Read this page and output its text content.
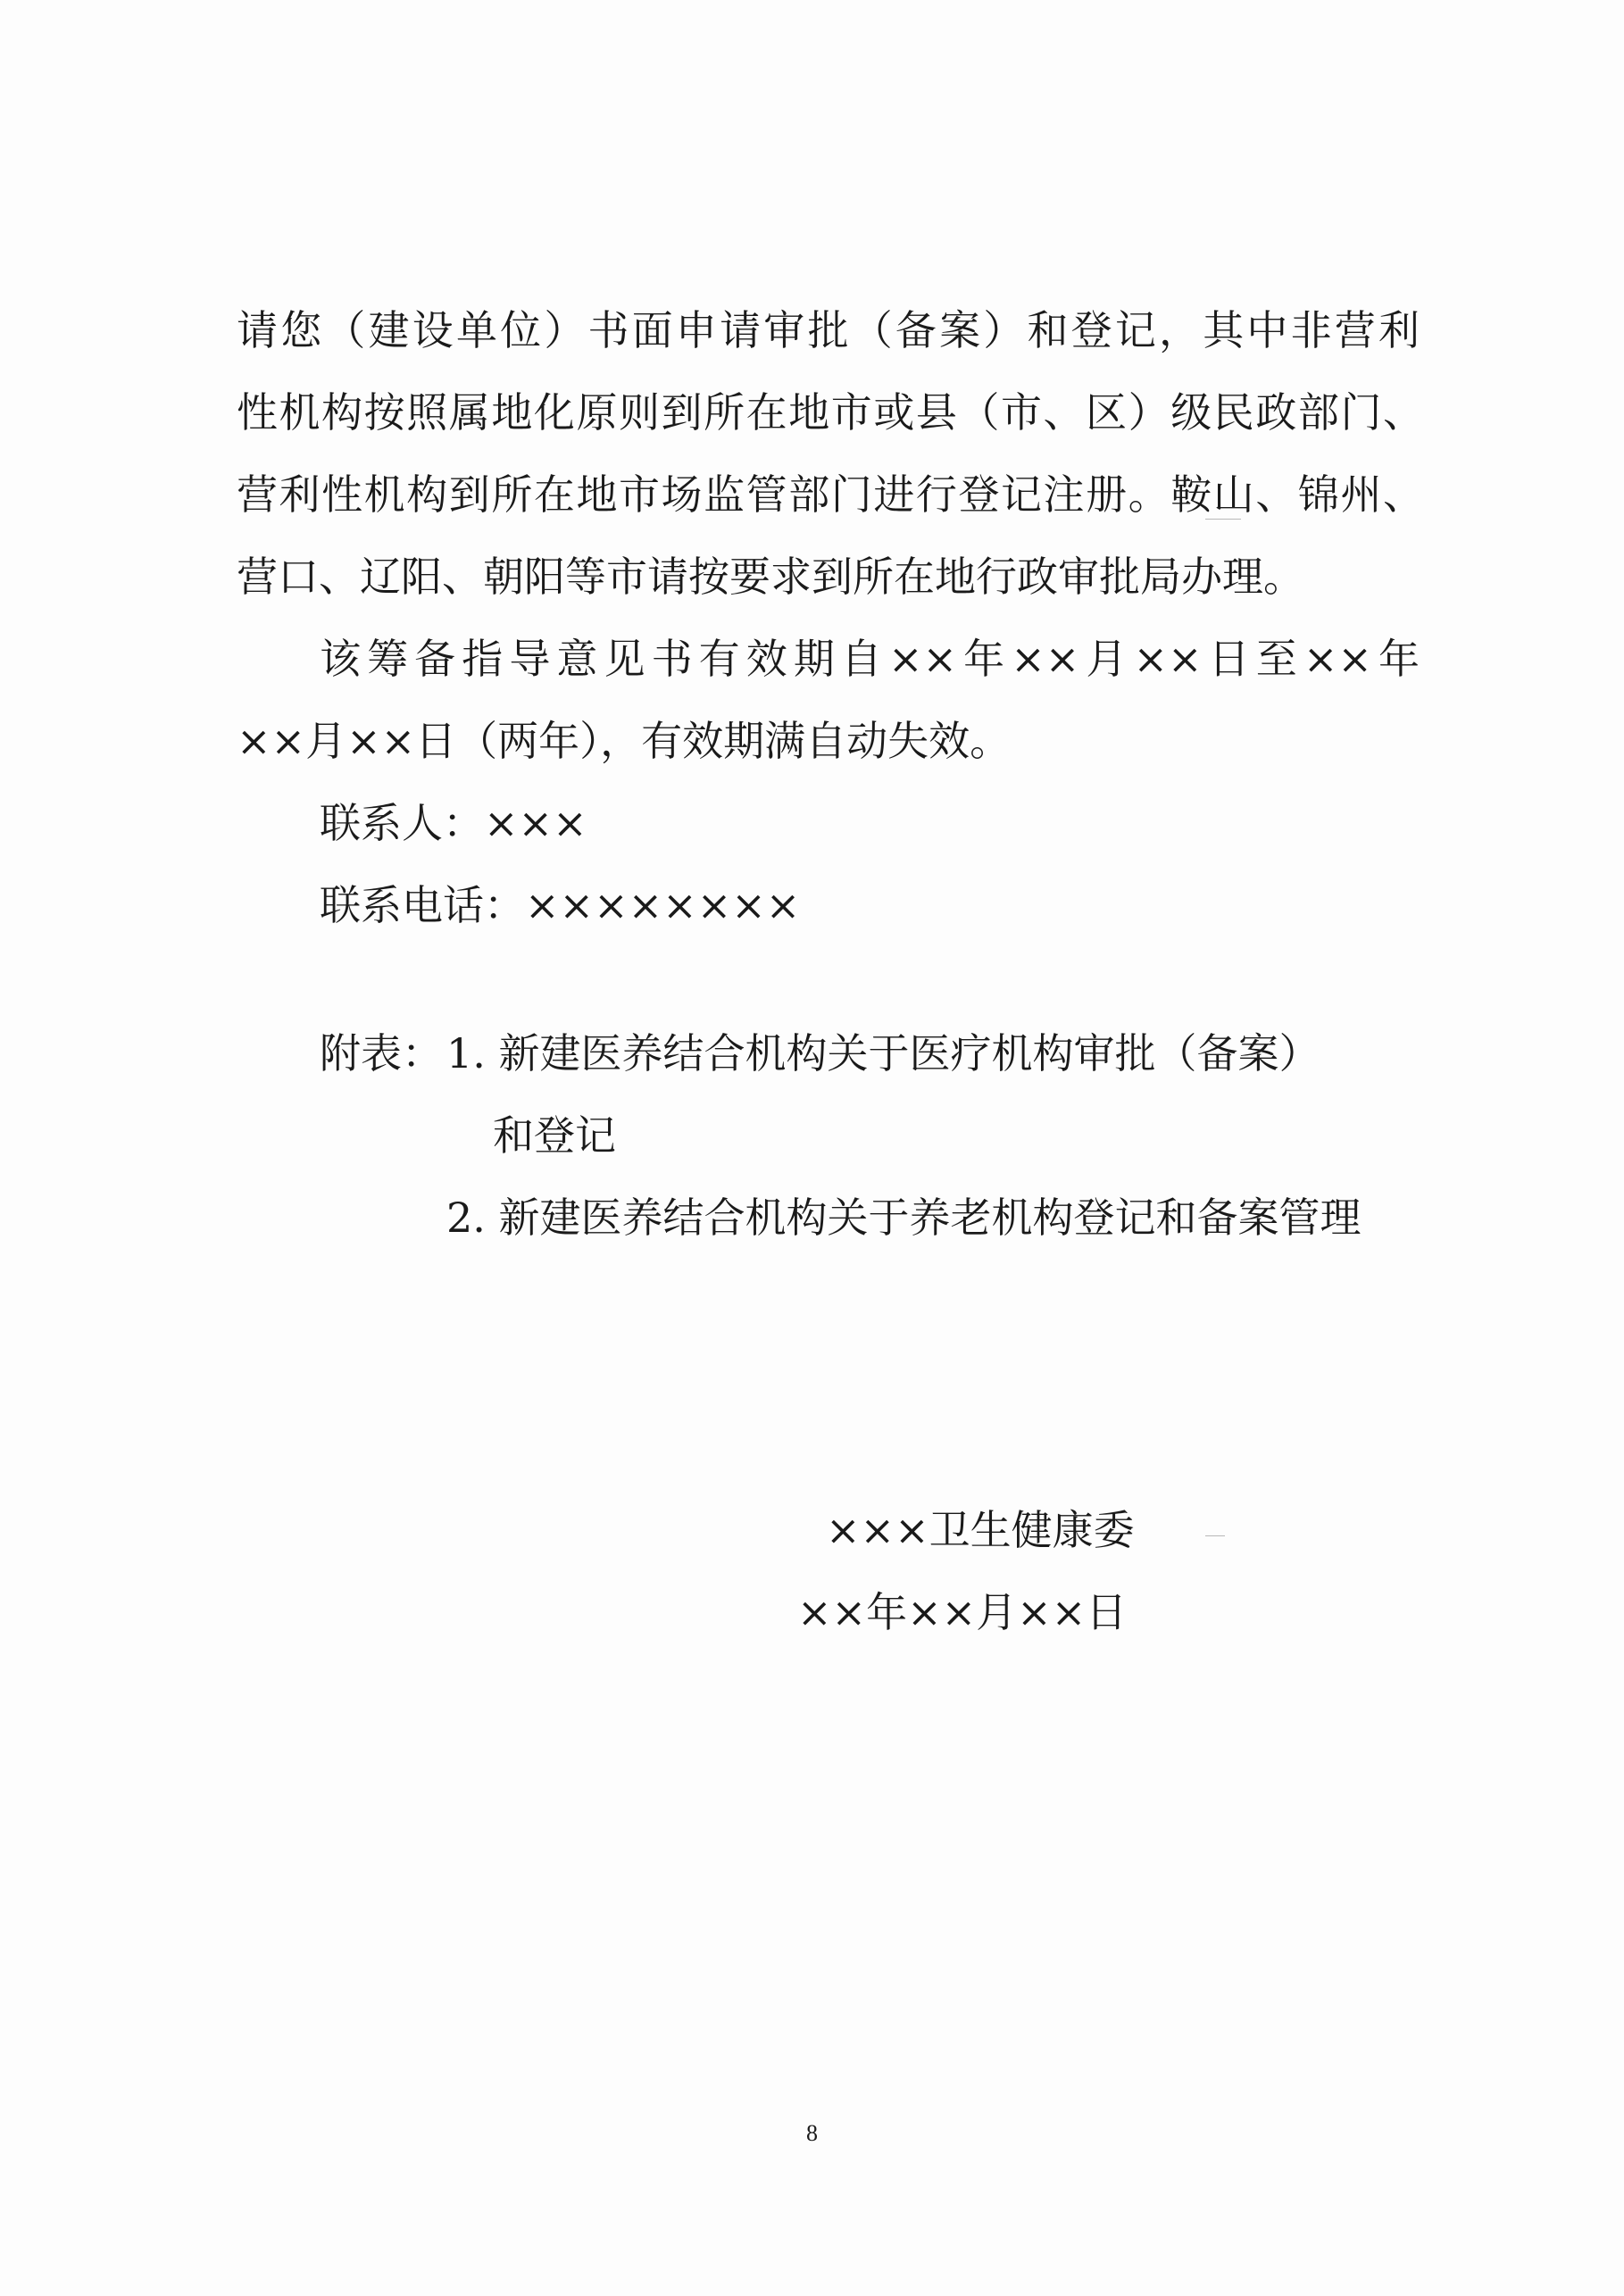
请您（建设单位）书面申请审批（备案）和登记，其中非营利
性机构按照属地化原则到所在地市或县（市、区）级民政部门、
营利性机构到所在地市场监管部门进行登记注册。鞍山、锦州、
营口、辽阳、朝阳等市请按要求到所在地行政审批局办理。
该筹备指导意见书有效期自××年××月××日至××年
××月××日（两年），有效期满自动失效。
联系人：×××
联系电话：××××××××
附表： 1. 新建医养结合机构关于医疗机构审批（备案）
和登记
2. 新建医养结合机构关于养老机构登记和备案管理
×××卫生健康委
××年××月××日
8
